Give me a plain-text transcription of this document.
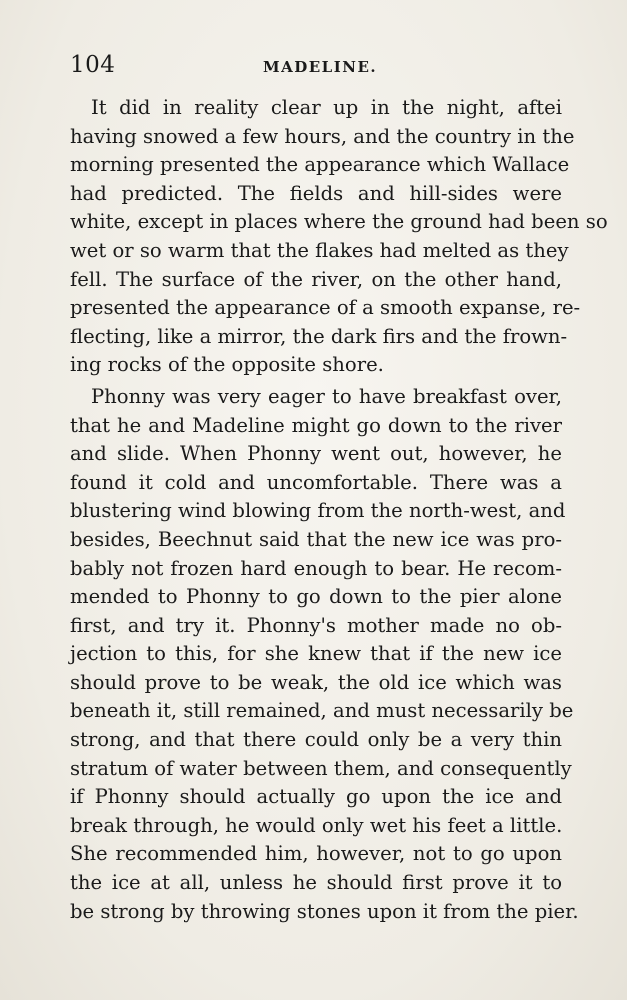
104	MADELINE.
It did in reality clear up in the night, aftei
having snowed a few hours, and the country in the
morning presented the appearance which Wallace
had predicted. The fields and hill-sides were
white, except in places where the ground had been so
wet or so warm that the flakes had melted as they
fell. The surface of the river, on the other hand,
presented the appearance of a smooth expanse, re-
flecting, like a mirror, the dark firs and the frown-
ing rocks of the opposite shore.
Phonny was very eager to have breakfast over,
that he and Madeline might go down to the river
and slide. When Phonny went out, however, he
found it cold and uncomfortable. There was a
blustering wind blowing from the north-west, and
besides, Beechnut said that the new ice was pro-
bably not frozen hard enough to bear. He recom-
mended to Phonny to go down to the pier alone
first, and try it. Phonny's mother made no ob-
jection to this, for she knew that if the new ice
should prove to be weak, the old ice which was
beneath it, still remained, and must necessarily be
strong, and that there could only be a very thin
stratum of water between them, and consequently
if Phonny should actually go upon the ice and
break through, he would only wet his feet a little.
She recommended him, however, not to go upon
the ice at all, unless he should first prove it to
be strong by throwing stones upon it from the pier.
